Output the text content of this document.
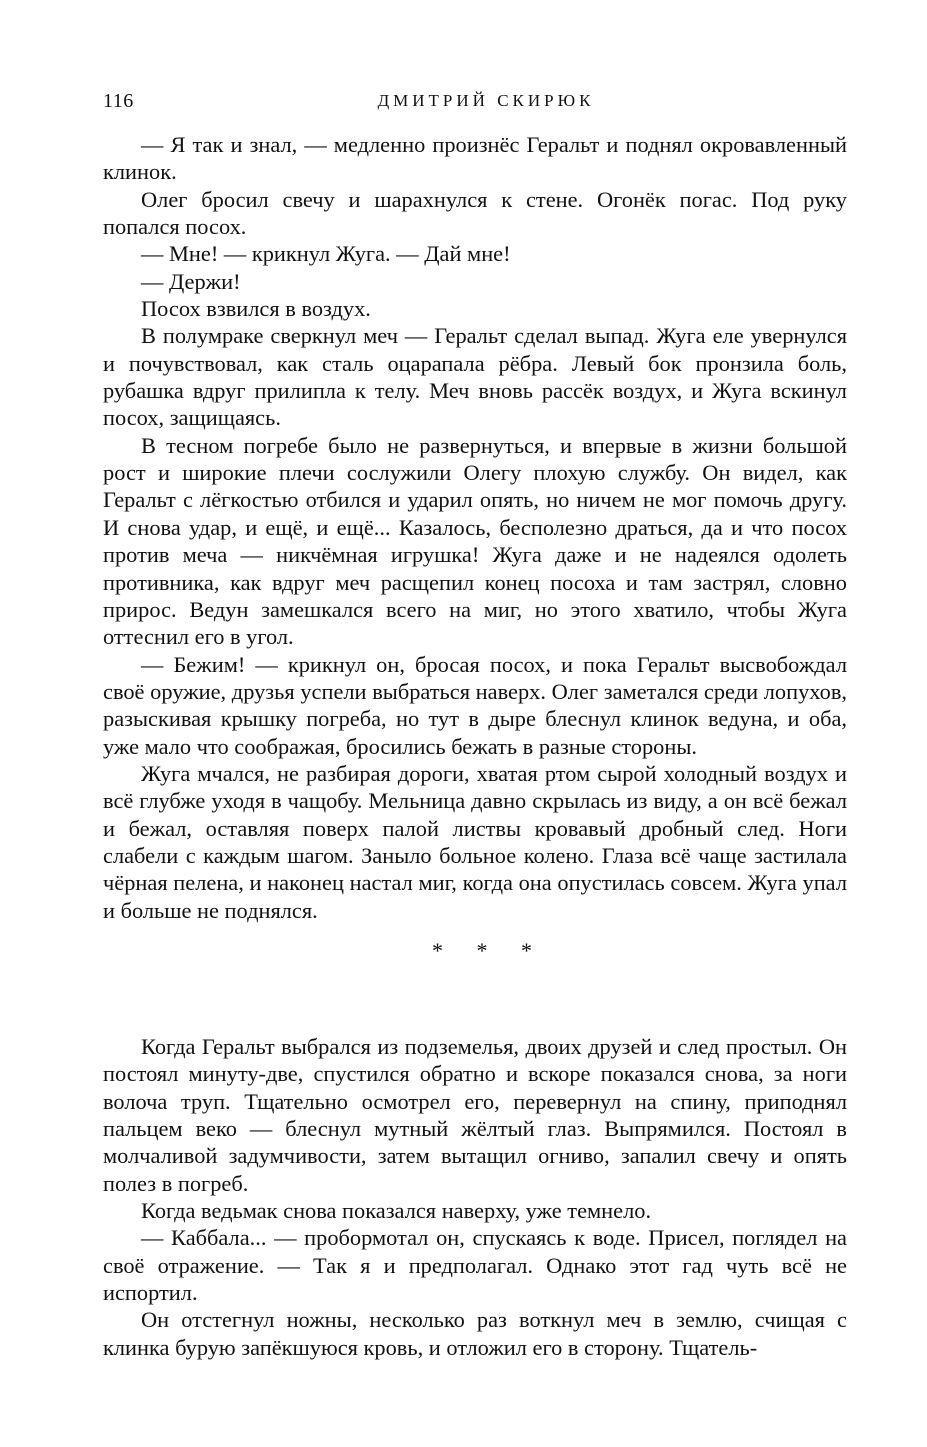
116	ДМИТРИЙ СКИРЮК

— Я так и знал, — медленно произнёс Геральт и поднял окровавленный клинок.

Олег бросил свечу и шарахнулся к стене. Огонёк погас. Под руку попался посох.

— Мне! — крикнул Жуга. — Дай мне!

— Держи!

Посох взвился в воздух.

В полумраке сверкнул меч — Геральт сделал выпад. Жуга еле увернулся и почувствовал, как сталь оцарапала рёбра. Левый бок пронзила боль, рубашка вдруг прилипла к телу. Меч вновь рассёк воздух, и Жуга вскинул посох, защищаясь.

В тесном погребе было не развернуться, и впервые в жизни большой рост и широкие плечи сослужили Олегу плохую службу. Он видел, как Геральт с лёгкостью отбился и ударил опять, но ничем не мог помочь другу. И снова удар, и ещё, и ещё... Казалось, бесполезно драться, да и что посох против меча — никчёмная игрушка! Жуга даже и не надеялся одолеть противника, как вдруг меч расщепил конец посоха и там застрял, словно прирос. Ведун замешкался всего на миг, но этого хватило, чтобы Жуга оттеснил его в угол.

— Бежим! — крикнул он, бросая посох, и пока Геральт высвобождал своё оружие, друзья успели выбраться наверх. Олег заметался среди лопухов, разыскивая крышку погреба, но тут в дыре блеснул клинок ведуна, и оба, уже мало что соображая, бросились бежать в разные стороны.

Жуга мчался, не разбирая дороги, хватая ртом сырой холодный воздух и всё глубже уходя в чащобу. Мельница давно скрылась из виду, а он всё бежал и бежал, оставляя поверх палой листвы кровавый дробный след. Ноги слабели с каждым шагом. Заныло больное колено. Глаза всё чаще застилала чёрная пелена, и наконец настал миг, когда она опустилась совсем. Жуга упал и больше не поднялся.

* * *

Когда Геральт выбрался из подземелья, двоих друзей и след простыл. Он постоял минуту-две, спустился обратно и вскоре показался снова, за ноги волоча труп. Тщательно осмотрел его, перевернул на спину, приподнял пальцем веко — блеснул мутный жёлтый глаз. Выпрямился. Постоял в молчаливой задумчивости, затем вытащил огниво, запалил свечу и опять полез в погреб.

Когда ведьмак снова показался наверху, уже темнело.

— Каббала... — пробормотал он, спускаясь к воде. Присел, поглядел на своё отражение. — Так я и предполагал. Однако этот гад чуть всё не испортил.

Он отстегнул ножны, несколько раз воткнул меч в землю, счищая с клинка бурую запёкшуюся кровь, и отложил его в сторону. Тщатель-
